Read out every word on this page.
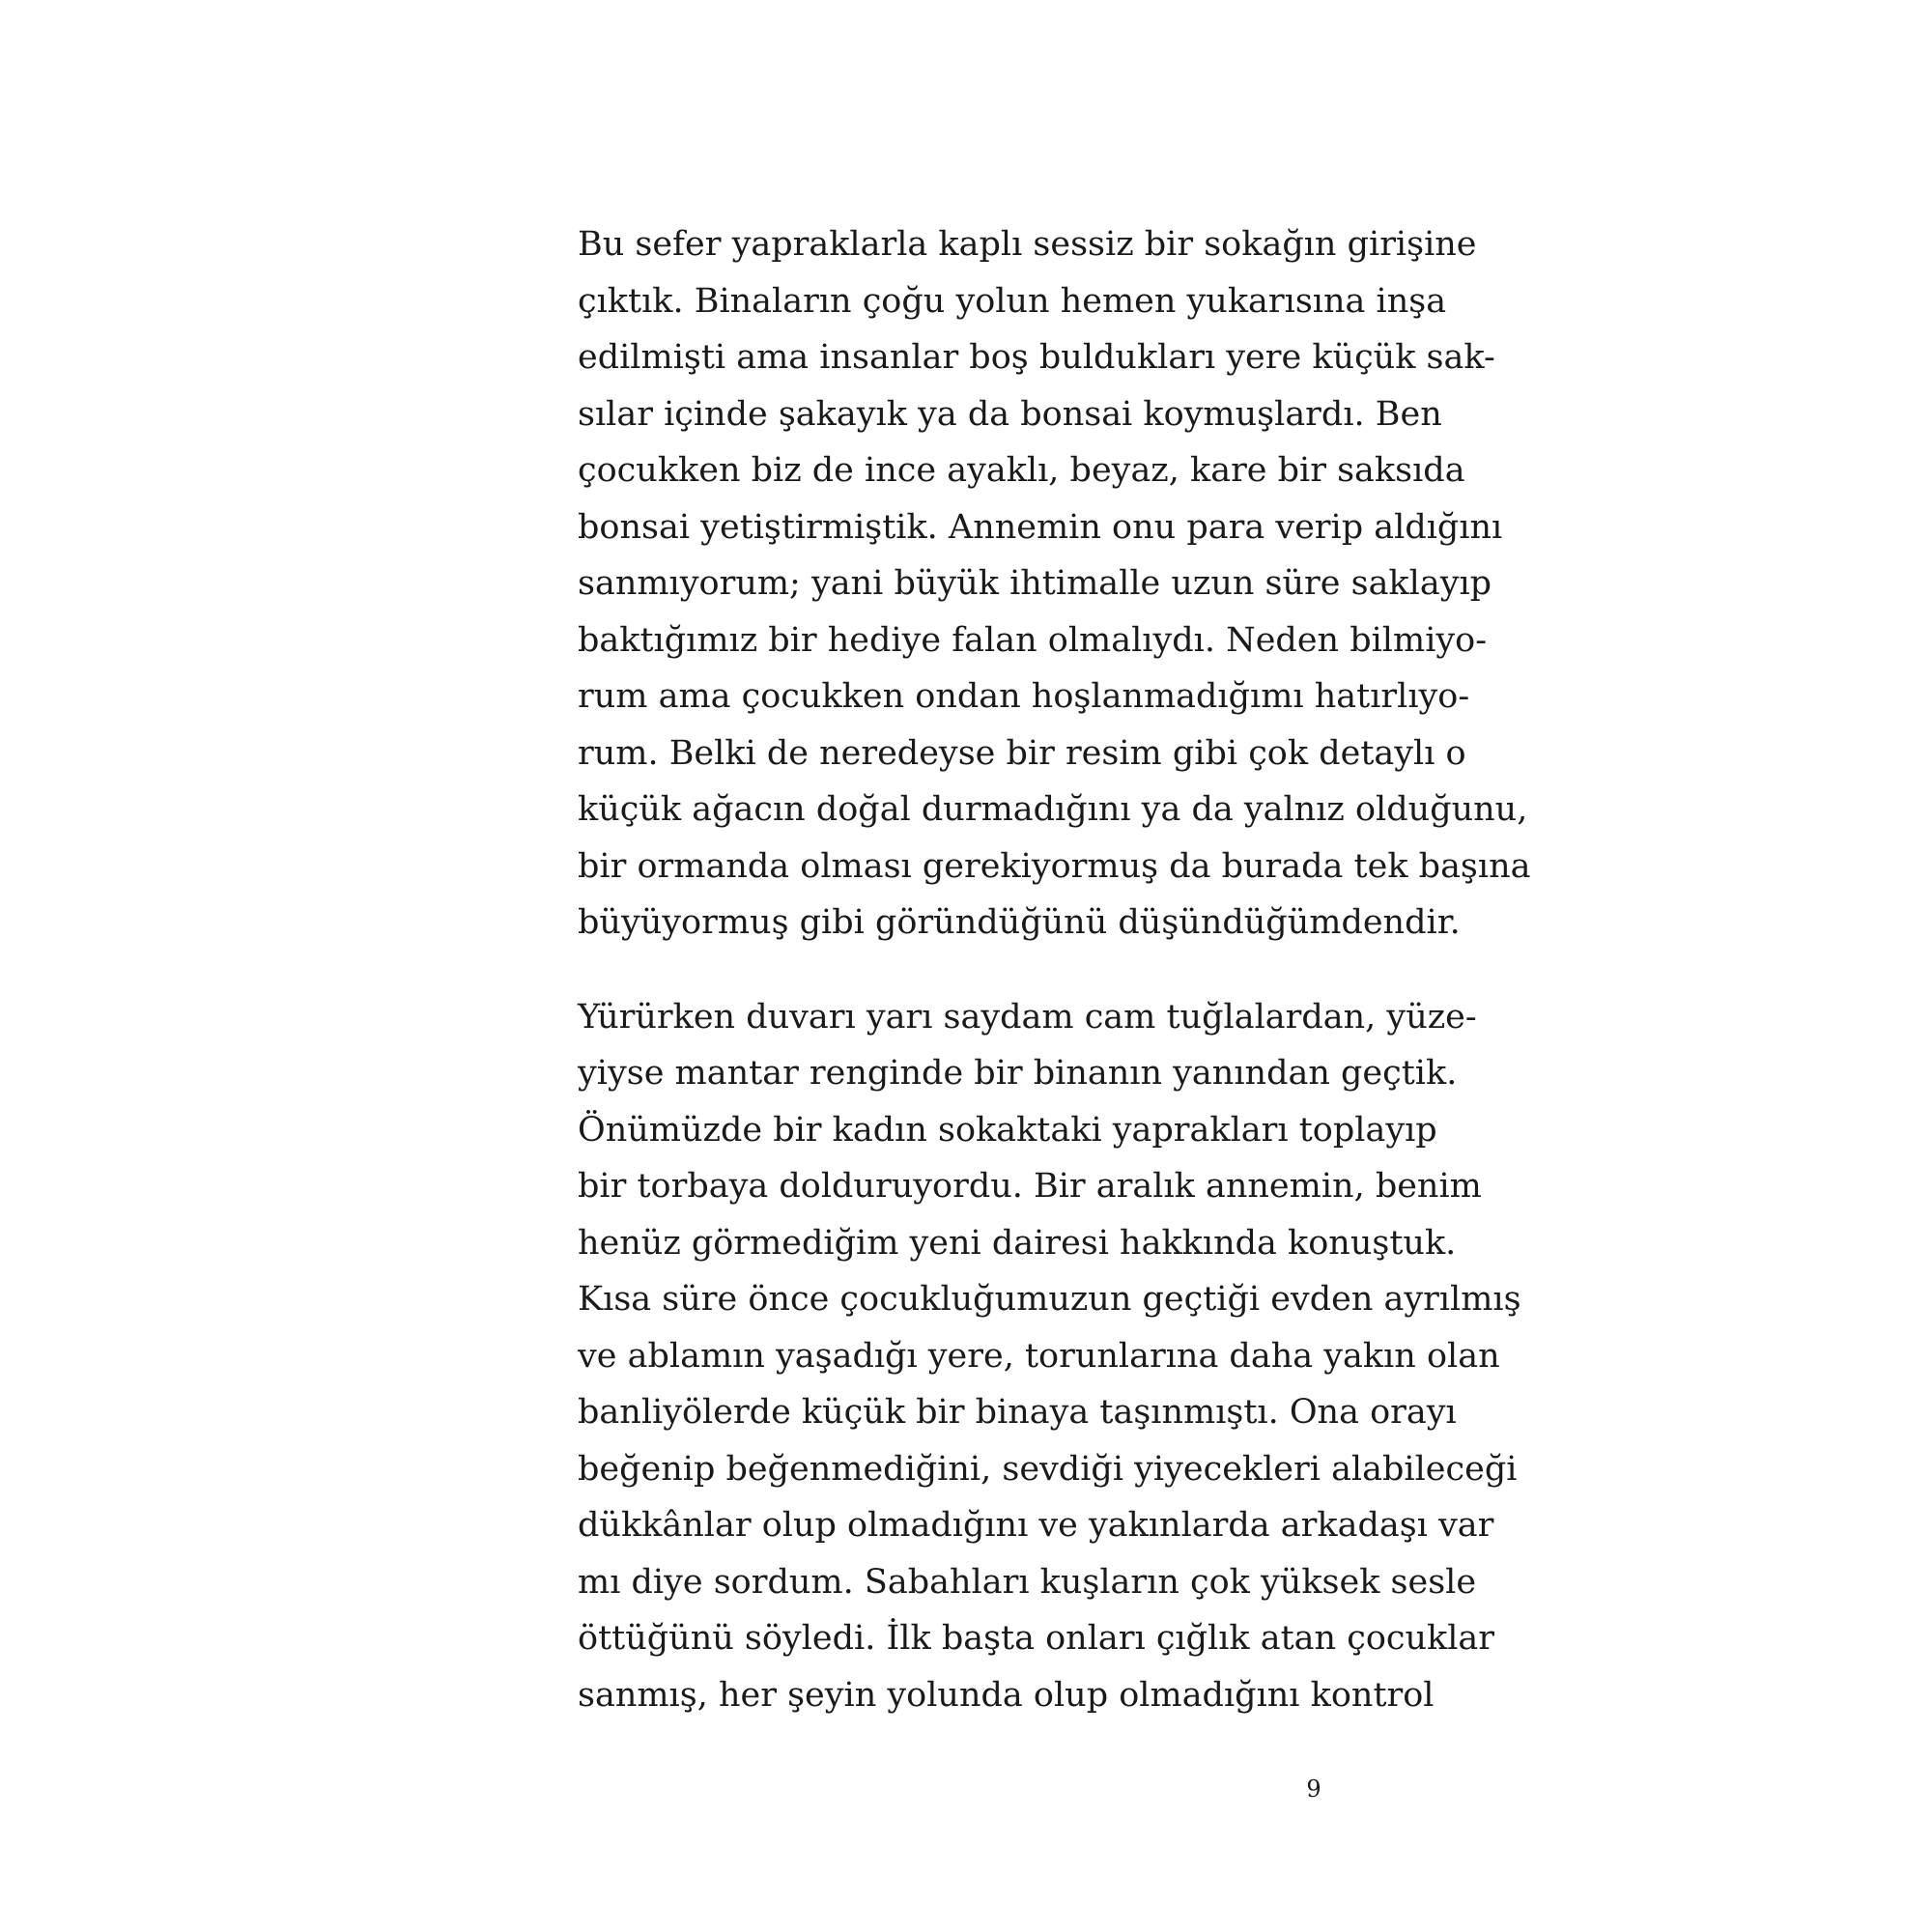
Bu sefer yapraklarla kaplı sessiz bir sokağın girişine
çıktık. Binaların çoğu yolun hemen yukarısına inşa
edilmişti ama insanlar boş buldukları yere küçük sak-
sılar içinde şakayık ya da bonsai koymuşlardı. Ben
çocukken biz de ince ayaklı, beyaz, kare bir saksıda
bonsai yetiştirmiştik. Annemin onu para verip aldığını
sanmıyorum; yani büyük ihtimalle uzun süre saklayıp
baktığımız bir hediye falan olmalıydı. Neden bilmiyo-
rum ama çocukken ondan hoşlanmadığımı hatırlıyo-
rum. Belki de neredeyse bir resim gibi çok detaylı o
küçük ağacın doğal durmadığını ya da yalnız olduğunu,
bir ormanda olması gerekiyormuş da burada tek başına
büyüyormuş gibi göründüğünü düşündüğümdendir.

Yürürken duvarı yarı saydam cam tuğlalardan, yüze-
yiyse mantar renginde bir binanın yanından geçtik.
Önümüzde bir kadın sokaktaki yaprakları toplayıp
bir torbaya dolduruyordu. Bir aralık annemin, benim
henüz görmediğim yeni dairesi hakkında konuştuk.
Kısa süre önce çocukluğumuzun geçtiği evden ayrılmış
ve ablamın yaşadığı yere, torunlarına daha yakın olan
banliyölerde küçük bir binaya taşınmıştı. Ona orayı
beğenip beğenmediğini, sevdiği yiyecekleri alabileceği
dükkânlar olup olmadığını ve yakınlarda arkadaşı var
mı diye sordum. Sabahları kuşların çok yüksek sesle
öttüğünü söyledi. İlk başta onları çığlık atan çocuklar
sanmış, her şeyin yolunda olup olmadığını kontrol

9
